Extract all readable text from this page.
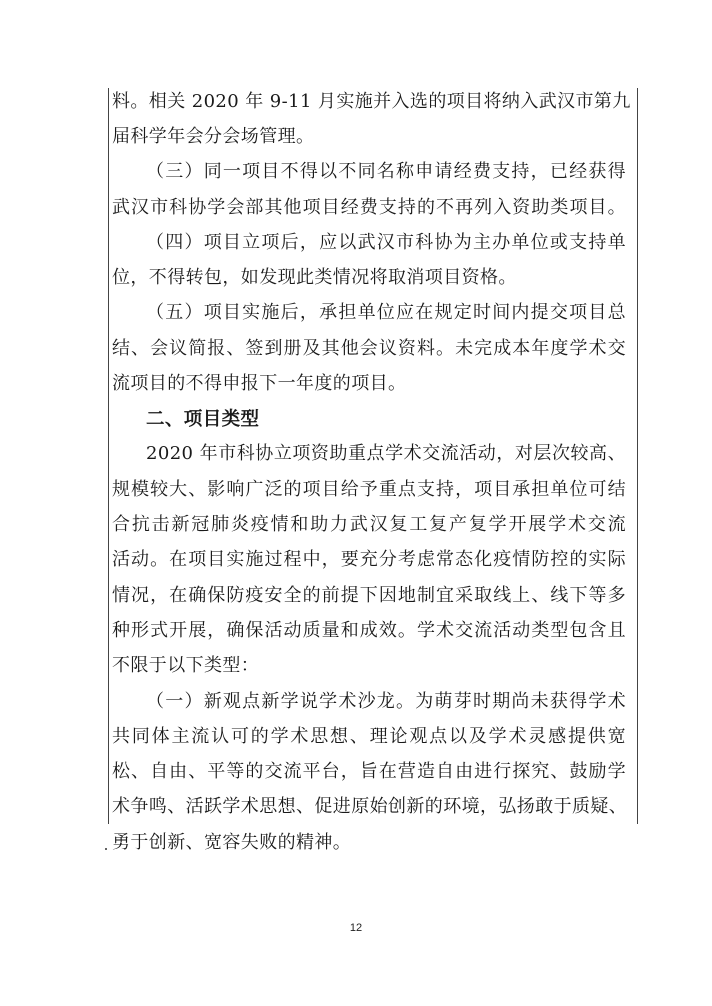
料。相关 2020 年 9-11 月实施并入选的项目将纳入武汉市第九
届科学年会分会场管理。
（三）同一项目不得以不同名称申请经费支持，已经获得
武汉市科协学会部其他项目经费支持的不再列入资助类项目。
（四）项目立项后，应以武汉市科协为主办单位或支持单
位，不得转包，如发现此类情况将取消项目资格。
（五）项目实施后，承担单位应在规定时间内提交项目总
结、会议简报、签到册及其他会议资料。未完成本年度学术交
流项目的不得申报下一年度的项目。
二、项目类型
2020 年市科协立项资助重点学术交流活动，对层次较高、
规模较大、影响广泛的项目给予重点支持，项目承担单位可结
合抗击新冠肺炎疫情和助力武汉复工复产复学开展学术交流
活动。在项目实施过程中，要充分考虑常态化疫情防控的实际
情况，在确保防疫安全的前提下因地制宜采取线上、线下等多
种形式开展，确保活动质量和成效。学术交流活动类型包含且
不限于以下类型：
（一）新观点新学说学术沙龙。为萌芽时期尚未获得学术
共同体主流认可的学术思想、理论观点以及学术灵感提供宽
松、自由、平等的交流平台，旨在营造自由进行探究、鼓励学
术争鸣、活跃学术思想、促进原始创新的环境，弘扬敢于质疑、
勇于创新、宽容失败的精神。
12
